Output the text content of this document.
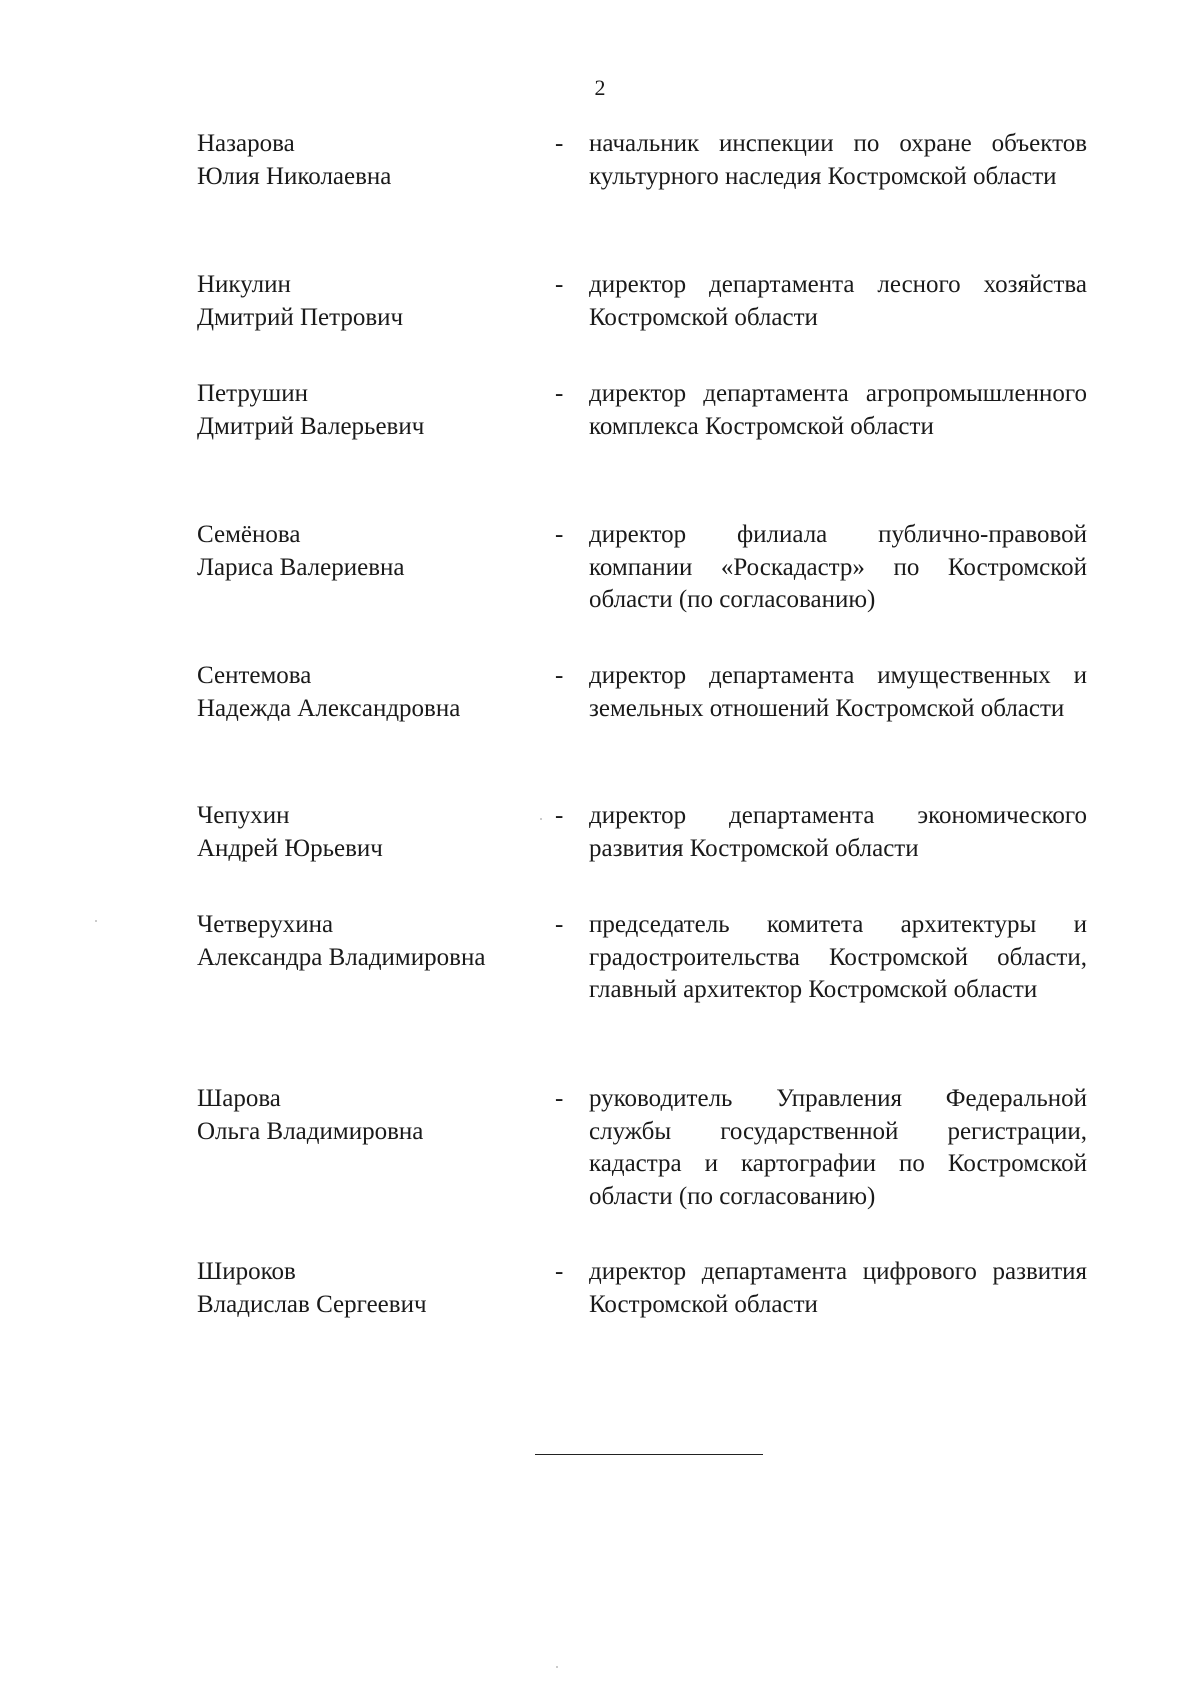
2
Назарова
Юлия Николаевна
- начальник инспекции по охране объектов культурного наследия Костромской области
Никулин
Дмитрий Петрович
- директор департамента лесного хозяйства Костромской области
Петрушин
Дмитрий Валерьевич
- директор департамента агропромышленного комплекса Костромской области
Семёнова
Лариса Валериевна
- директор филиала публично-правовой компании «Роскадастр» по Костромской области (по согласованию)
Сентемова
Надежда Александровна
- директор департамента имущественных и земельных отношений Костромской области
Чепухин
Андрей Юрьевич
- директор департамента экономического развития Костромской области
Четверухина
Александра Владимировна
- председатель комитета архитектуры и градостроительства Костромской области, главный архитектор Костромской области
Шарова
Ольга Владимировна
- руководитель Управления Федеральной службы государственной регистрации, кадастра и картографии по Костромской области (по согласованию)
Широков
Владислав Сергеевич
- директор департамента цифрового развития Костромской области
